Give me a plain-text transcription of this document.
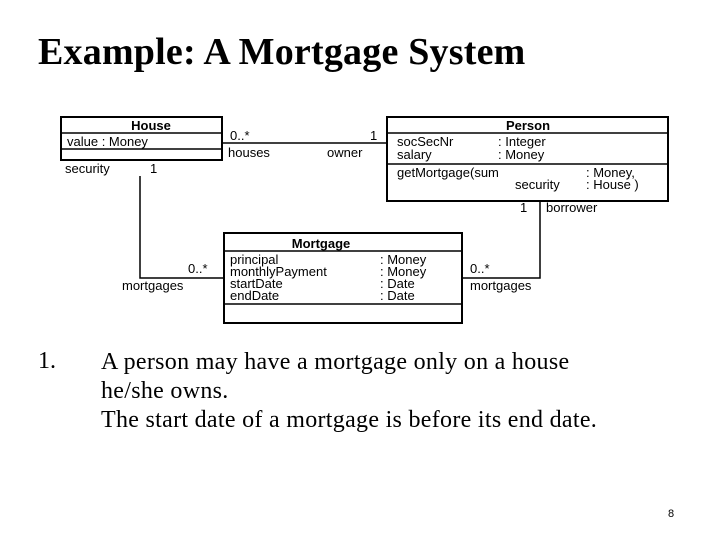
Example: A Mortgage System
House
value : Money
Person
socSecNr	: Integer
salary	: Money
getMortgage(sum	: Money,
security : House )
Mortgage
principal	: Money
monthlyPayment	: Money
startDate	: Date
endDate	: Date
0..*
houses
1
owner
security	1
0..*
mortgages
1 borrower
0..*
mortgages
1. A person may have a mortgage only on a house
he/she owns.
The start date of a mortgage is before its end date.
8
